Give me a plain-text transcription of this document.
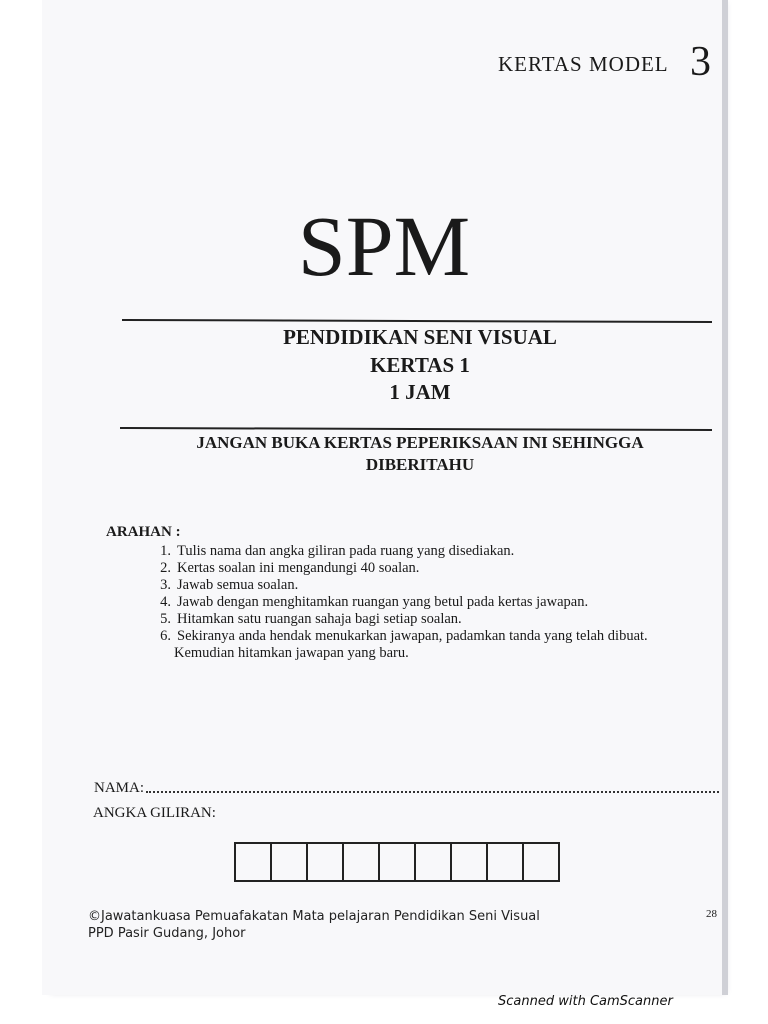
KERTAS MODEL 3
SPM
PENDIDIKAN SENI VISUAL
KERTAS 1
1 JAM
JANGAN BUKA KERTAS PEPERIKSAAN INI SEHINGGA DIBERITAHU
ARAHAN :
1. Tulis nama dan angka giliran pada ruang yang disediakan.
2. Kertas soalan ini mengandungi 40 soalan.
3. Jawab semua soalan.
4. Jawab dengan menghitamkan ruangan yang betul pada kertas jawapan.
5. Hitamkan satu ruangan sahaja bagi setiap soalan.
6. Sekiranya anda hendak menukarkan jawapan, padamkan tanda yang telah dibuat.
Kemudian hitamkan jawapan yang baru.
NAMA:
ANGKA GILIRAN:
©Jawatankuasa Pemuafakatan Mata pelajaran Pendidikan Seni Visual
PPD Pasir Gudang, Johor
28
Scanned with CamScanner
